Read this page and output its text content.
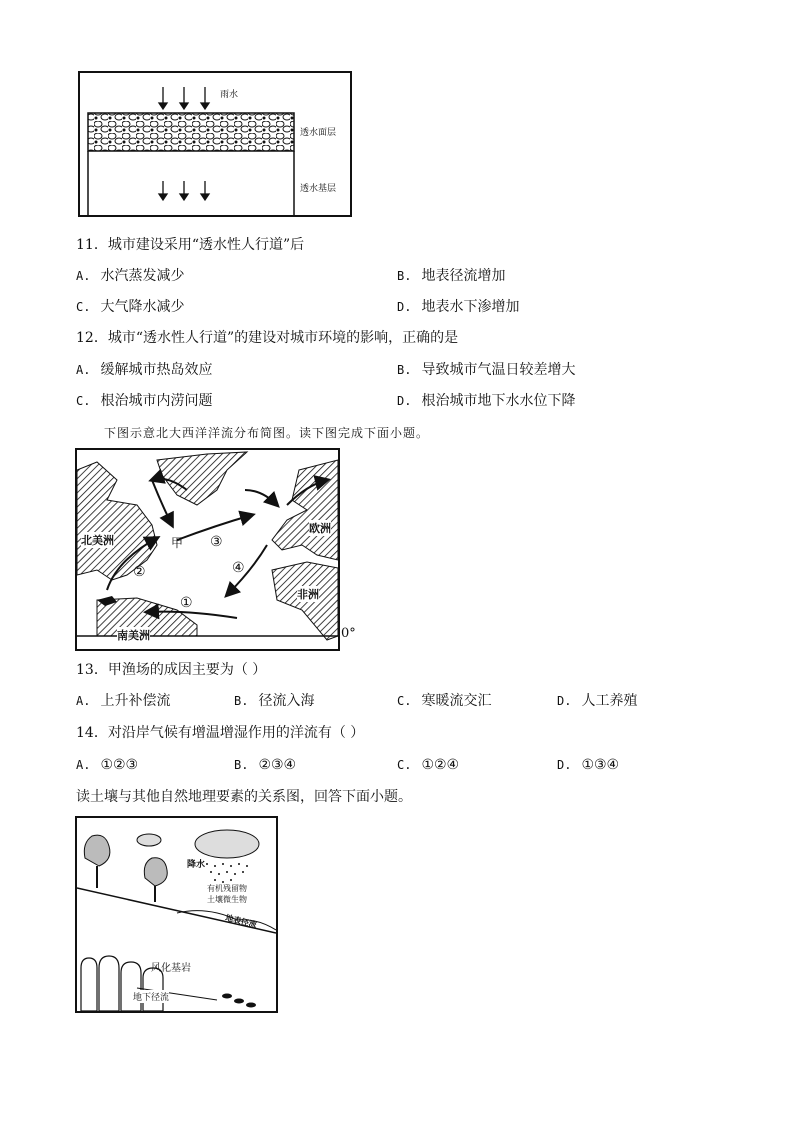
雨水
透水面层
透水基层
11．城市建设采用“透水性人行道”后
A. 水汽蒸发减少	B. 地表径流增加
C. 大气降水减少	D. 地表水下渗增加
12．城市“透水性人行道”的建设对城市环境的影响，正确的是
A. 缓解城市热岛效应	B. 导致城市气温日较差增大
C. 根治城市内涝问题	D. 根治城市地下水水位下降
下图示意北大西洋洋流分布简图。读下图完成下面小题。
北美洲
欧洲
非洲
南美洲
甲
①
②
③
④
0°
13．甲渔场的成因主要为（ ）
A. 上升补偿流	B. 径流入海	C. 寒暖流交汇	D. 人工养殖
14．对沿岸气候有增温增湿作用的洋流有（ ）
A. ①②③	B. ②③④	C. ①②④	D. ①③④
读土壤与其他自然地理要素的关系图，回答下面小题。
降水
有机残留物
土壤微生物
地表径流
风化基岩
地下径流
